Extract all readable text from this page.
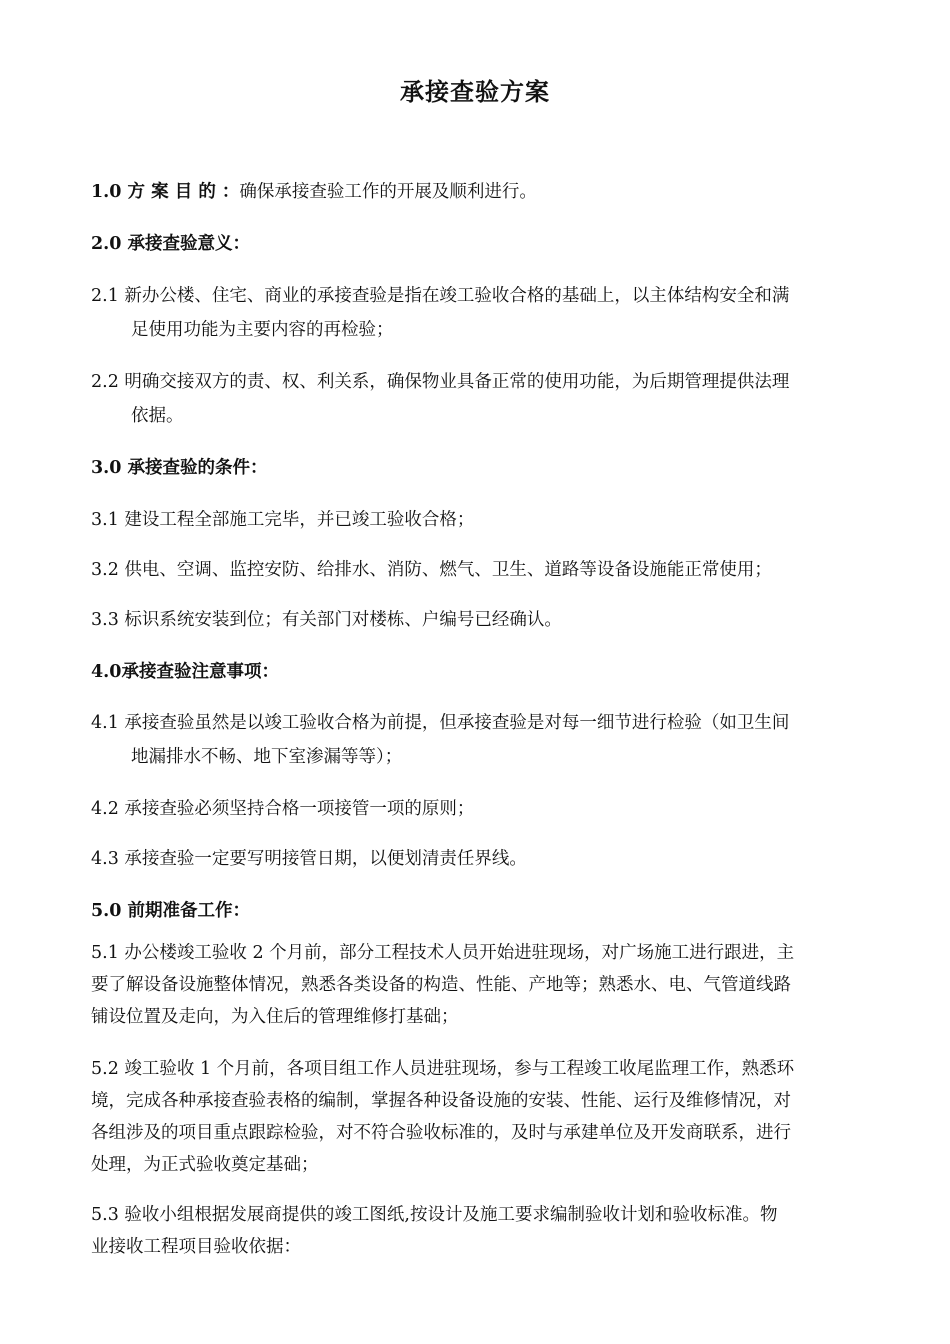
承接查验方案
1.0 方 案 目 的 ：确保承接查验工作的开展及顺利进行。
2.0 承接查验意义：
2.1 新办公楼、住宅、商业的承接查验是指在竣工验收合格的基础上，以主体结构安全和满
足使用功能为主要内容的再检验；
2.2 明确交接双方的责、权、利关系，确保物业具备正常的使用功能，为后期管理提供法理
依据。
3.0 承接查验的条件：
3.1 建设工程全部施工完毕，并已竣工验收合格；
3.2 供电、空调、监控安防、给排水、消防、燃气、卫生、道路等设备设施能正常使用；
3.3 标识系统安装到位；有关部门对楼栋、户编号已经确认。
4.0承接查验注意事项：
4.1 承接查验虽然是以竣工验收合格为前提，但承接查验是对每一细节进行检验（如卫生间
地漏排水不畅、地下室渗漏等等）；
4.2 承接查验必须坚持合格一项接管一项的原则；
4.3 承接查验一定要写明接管日期，以便划清责任界线。
5.0 前期准备工作：
5.1 办公楼竣工验收 2 个月前，部分工程技术人员开始进驻现场，对广场施工进行跟进，主
要了解设备设施整体情况，熟悉各类设备的构造、性能、产地等；熟悉水、电、气管道线路
铺设位置及走向，为入住后的管理维修打基础；
5.2 竣工验收 1 个月前，各项目组工作人员进驻现场，参与工程竣工收尾监理工作，熟悉环
境，完成各种承接查验表格的编制，掌握各种设备设施的安装、性能、运行及维修情况，对
各组涉及的项目重点跟踪检验，对不符合验收标准的，及时与承建单位及开发商联系，进行
处理，为正式验收奠定基础；
5.3 验收小组根据发展商提供的竣工图纸,按设计及施工要求编制验收计划和验收标准。物
业接收工程项目验收依据：
